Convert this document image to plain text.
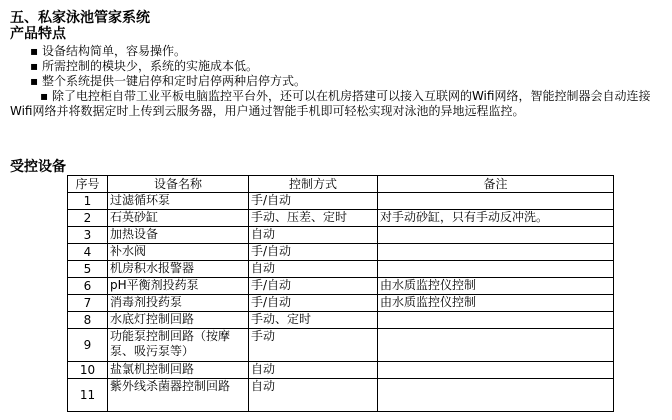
五、私家泳池管家系统
产品特点
▪ 设备结构简单，容易操作。
▪ 所需控制的模块少，系统的实施成本低。
▪ 整个系统提供一键启停和定时启停两种启停方式。
▪ 除了电控柜自带工业平板电脑监控平台外，还可以在机房搭建可以接入互联网的Wifi网络，智能控制器会自动连接Wifi网络并将数据定时上传到云服务器，用户通过智能手机即可轻松实现对泳池的异地远程监控。
受控设备
序号	设备名称	控制方式	备注
1	过滤循环泵	手/自动	
2	石英砂缸	手动、压差、定时	对手动砂缸，只有手动反冲洗。
3	加热设备	自动	
4	补水阀	手/自动	
5	机房积水报警器	自动	
6	pH平衡剂投药泵	手/自动	由水质监控仪控制
7	消毒剂投药泵	手/自动	由水质监控仪控制
8	水底灯控制回路	手动、定时	
9	功能泵控制回路（按摩泵、吸污泵等）	手动	
10	盐氯机控制回路	自动	
11	紫外线杀菌器控制回路	自动	
